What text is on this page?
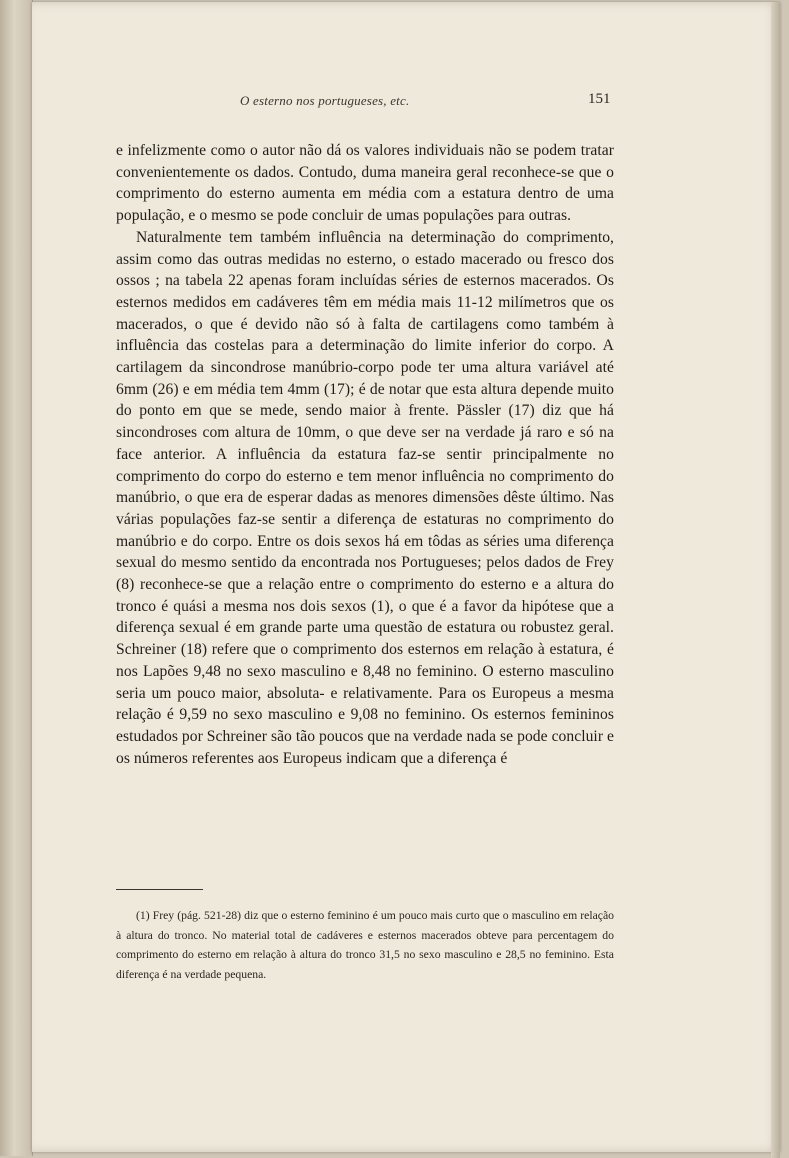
O esterno nos portugueses, etc.	151

e infelizmente como o autor não dá os valores individuais não se podem tratar convenientemente os dados. Contudo, duma maneira geral reconhece-se que o comprimento do esterno aumenta em média com a estatura dentro de uma população, e o mesmo se pode concluir de umas populações para outras.

Naturalmente tem também influência na determinação do comprimento, assim como das outras medidas no esterno, o estado macerado ou fresco dos ossos ; na tabela 22 apenas foram incluídas séries de esternos macerados. Os esternos medidos em cadáveres têm em média mais 11-12 milímetros que os macerados, o que é devido não só à falta de cartilagens como também à influência das costelas para a determinação do limite inferior do corpo. A cartilagem da sincondrose manúbrio-corpo pode ter uma altura variável até 6mm (26) e em média tem 4mm (17); é de notar que esta altura depende muito do ponto em que se mede, sendo maior à frente. Pässler (17) diz que há sincondroses com altura de 10mm, o que deve ser na verdade já raro e só na face anterior. A influência da estatura faz-se sentir principalmente no comprimento do corpo do esterno e tem menor influência no comprimento do manúbrio, o que era de esperar dadas as menores dimensões dêste último. Nas várias populações faz-se sentir a diferença de estaturas no comprimento do manúbrio e do corpo. Entre os dois sexos há em tôdas as séries uma diferença sexual do mesmo sentido da encontrada nos Portugueses; pelos dados de Frey (8) reconhece-se que a relação entre o comprimento do esterno e a altura do tronco é quási a mesma nos dois sexos (1), o que é a favor da hipótese que a diferença sexual é em grande parte uma questão de estatura ou robustez geral. Schreiner (18) refere que o comprimento dos esternos em relação à estatura, é nos Lapões 9,48 no sexo masculino e 8,48 no feminino. O esterno masculino seria um pouco maior, absoluta- e relativamente. Para os Europeus a mesma relação é 9,59 no sexo masculino e 9,08 no feminino. Os esternos femininos estudados por Schreiner são tão poucos que na verdade nada se pode concluir e os números referentes aos Europeus indicam que a diferença é

(1) Frey (pág. 521-28) diz que o esterno feminino é um pouco mais curto que o masculino em relação à altura do tronco. No material total de cadáveres e esternos macerados obteve para percentagem do comprimento do esterno em relação à altura do tronco 31,5 no sexo masculino e 28,5 no feminino. Esta diferença é na verdade pequena.
